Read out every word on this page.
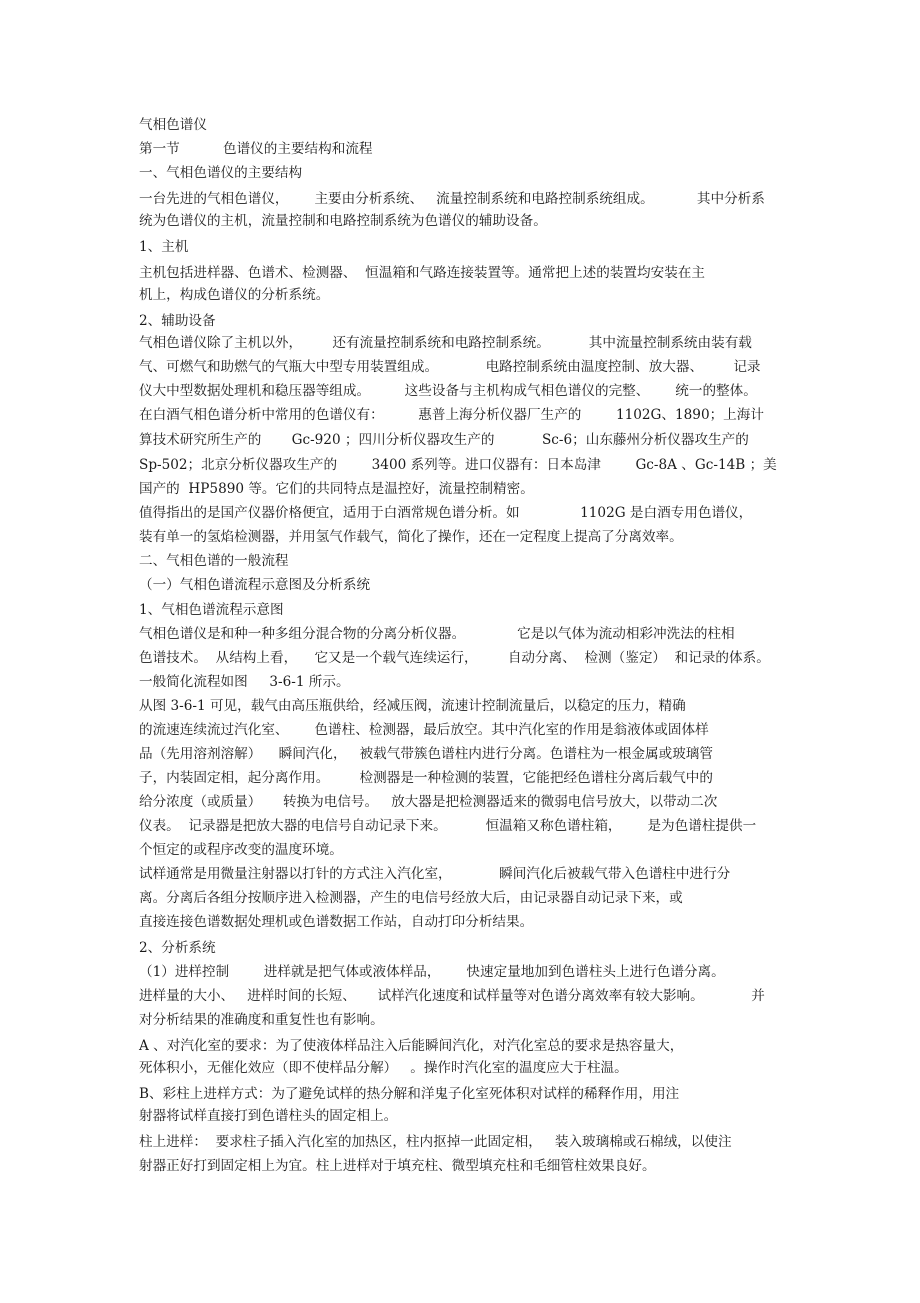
气相色谱仪
第一节          色谱仪的主要结构和流程
一、气相色谱仪的主要结构
一台先进的气相色谱仪，      主要由分析系统、   流量控制系统和电路控制系统组成。          其中分析系
统为色谱仪的主机，流量控制和电路控制系统为色谱仪的辅助设备。
1、主机
主机包括进样器、色谱术、检测器、  恒温箱和气路连接装置等。通常把上述的装置均安装在主
机上，构成色谱仪的分析系统。
2、辅助设备
气相色谱仪除了主机以外，       还有流量控制系统和电路控制系统。         其中流量控制系统由装有载
气、可燃气和助燃气的气瓶大中型专用装置组成。           电路控制系统由温度控制、放大器、       记录
仪大中型数据处理机和稳压器等组成。        这些设备与主机构成气相色谱仪的完整、      统一的整体。
在白酒气相色谱分析中常用的色谱仪有：        惠普上海分析仪器厂生产的        1102G、1890；上海计
算技术研究所生产的       Gc-920 ；四川分析仪器攻生产的           Sc-6；山东藤州分析仪器攻生产的
Sp-502；北京分析仪器攻生产的        3400 系列等。进口仪器有：日本岛津        Gc-8A 、Gc-14B ；美
国产的  HP5890 等。它们的共同特点是温控好，流量控制精密。
值得指出的是国产仪器价格便宜，适用于白酒常规色谱分析。如              1102G 是白酒专用色谱仪，
装有单一的氢焰检测器，并用氢气作载气，简化了操作，还在一定程度上提高了分离效率。
二、气相色谱的一般流程
（一）气相色谱流程示意图及分析系统
1、气相色谱流程示意图
气相色谱仪是和种一种多组分混合物的分离分析仪器。            它是以气体为流动相彩冲洗法的柱相
色谱技术。  从结构上看，    它又是一个载气连续运行，       自动分离、  检测（鉴定）  和记录的体系。
一般简化流程如图     3-6-1 所示。
从图 3-6-1 可见，载气由高压瓶供给，经减压阀，流速计控制流量后，以稳定的压力，精确
的流速连续流过汽化室、      色谱柱、检测器，最后放空。其中汽化室的作用是翁液体或固体样
品（先用溶剂溶解）    瞬间汽化，   被载气带簇色谱柱内进行分离。色谱柱为一根金属或玻璃管
子，内装固定相，起分离作用。       检测器是一种检测的装置，它能把经色谱柱分离后载气中的
给分浓度（或质量）     转换为电信号。   放大器是把检测器适来的微弱电信号放大，以带动二次
仪表。  记录器是把放大器的电信号自动记录下来。         恒温箱又称色谱柱箱，      是为色谱柱提供一
个恒定的或程序改变的温度环境。
试样通常是用微量注射器以打针的方式注入汽化室，           瞬间汽化后被载气带入色谱柱中进行分
离。分离后各组分按顺序进入检测器，产生的电信号经放大后，由记录器自动记录下来，或
直接连接色谱数据处理机或色谱数据工作站，自动打印分析结果。
2、分析系统
（1）进样控制        进样就是把气体或液体样品，      快速定量地加到色谱柱头上进行色谱分离。
进样量的大小、   进样时间的长短、     试样汽化速度和试样量等对色谱分离效率有较大影响。           并
对分析结果的准确度和重复性也有影响。
A 、对汽化室的要求：为了使液体样品注入后能瞬间汽化，对汽化室总的要求是热容量大，
死体积小，无催化效应（即不使样品分解）   。操作时汽化室的温度应大于柱温。
B、彩柱上进样方式：为了避免试样的热分解和洋鬼子化室死体积对试样的稀释作用，用注
射器将试样直接打到色谱柱头的固定相上。
柱上进样：  要求柱子插入汽化室的加热区，柱内抠掉一此固定相，   装入玻璃棉或石棉绒，以使注
射器正好打到固定相上为宜。柱上进样对于填充柱、微型填充柱和毛细管柱效果良好。
